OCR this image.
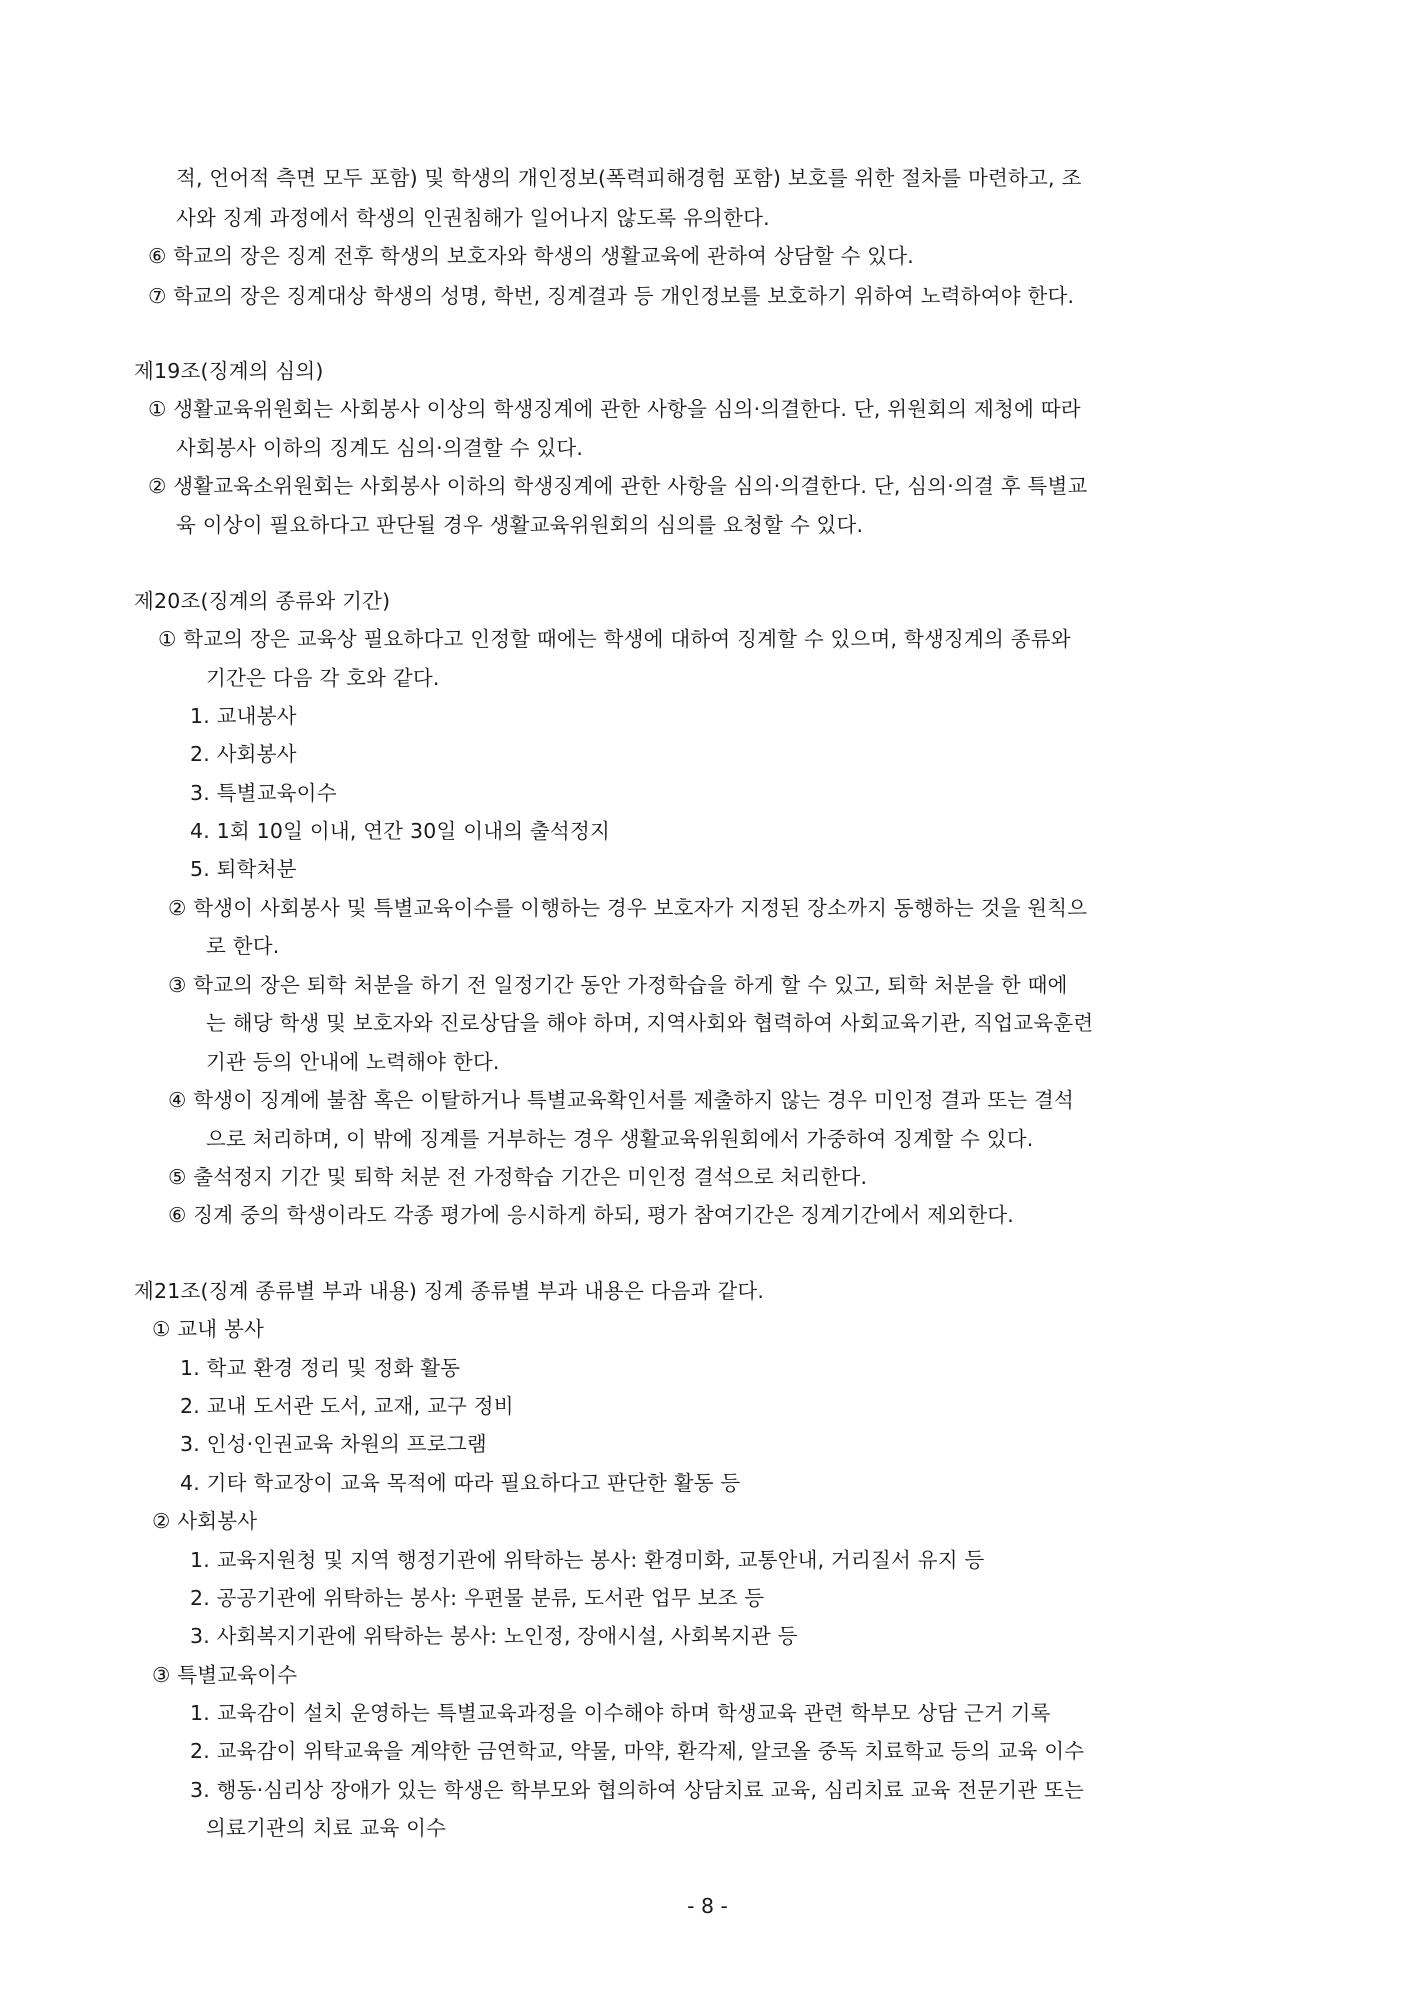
적, 언어적 측면 모두 포함) 및 학생의 개인정보(폭력피해경험 포함) 보호를 위한 절차를 마련하고, 조
사와 징계 과정에서 학생의 인권침해가 일어나지 않도록 유의한다.
⑥ 학교의 장은 징계 전후 학생의 보호자와 학생의 생활교육에 관하여 상담할 수 있다.
⑦ 학교의 장은 징계대상 학생의 성명, 학번, 징계결과 등 개인정보를 보호하기 위하여 노력하여야 한다.
제19조(징계의 심의)
① 생활교육위원회는 사회봉사 이상의 학생징계에 관한 사항을 심의·의결한다. 단, 위원회의 제청에 따라
사회봉사 이하의 징계도 심의·의결할 수 있다.
② 생활교육소위원회는 사회봉사 이하의 학생징계에 관한 사항을 심의·의결한다. 단, 심의·의결 후 특별교
육 이상이 필요하다고 판단될 경우 생활교육위원회의 심의를 요청할 수 있다.
제20조(징계의 종류와 기간)
① 학교의 장은 교육상 필요하다고 인정할 때에는 학생에 대하여 징계할 수 있으며, 학생징계의 종류와
기간은 다음 각 호와 같다.
1. 교내봉사
2. 사회봉사
3. 특별교육이수
4. 1회 10일 이내, 연간 30일 이내의 출석정지
5. 퇴학처분
② 학생이 사회봉사 및 특별교육이수를 이행하는 경우 보호자가 지정된 장소까지 동행하는 것을 원칙으
로 한다.
③ 학교의 장은 퇴학 처분을 하기 전 일정기간 동안 가정학습을 하게 할 수 있고, 퇴학 처분을 한 때에
는 해당 학생 및 보호자와 진로상담을 해야 하며, 지역사회와 협력하여 사회교육기관, 직업교육훈련
기관 등의 안내에 노력해야 한다.
④ 학생이 징계에 불참 혹은 이탈하거나 특별교육확인서를 제출하지 않는 경우 미인정 결과 또는 결석
으로 처리하며, 이 밖에 징계를 거부하는 경우 생활교육위원회에서 가중하여 징계할 수 있다.
⑤ 출석정지 기간 및 퇴학 처분 전 가정학습 기간은 미인정 결석으로 처리한다.
⑥ 징계 중의 학생이라도 각종 평가에 응시하게 하되, 평가 참여기간은 징계기간에서 제외한다.
제21조(징계 종류별 부과 내용) 징계 종류별 부과 내용은 다음과 같다.
① 교내 봉사
1. 학교 환경 정리 및 정화 활동
2. 교내 도서관 도서, 교재, 교구 정비
3. 인성·인권교육 차원의 프로그램
4. 기타 학교장이 교육 목적에 따라 필요하다고 판단한 활동 등
② 사회봉사
1. 교육지원청 및 지역 행정기관에 위탁하는 봉사: 환경미화, 교통안내, 거리질서 유지 등
2. 공공기관에 위탁하는 봉사: 우편물 분류, 도서관 업무 보조 등
3. 사회복지기관에 위탁하는 봉사: 노인정, 장애시설, 사회복지관 등
③ 특별교육이수
1. 교육감이 설치 운영하는 특별교육과정을 이수해야 하며 학생교육 관련 학부모 상담 근거 기록
2. 교육감이 위탁교육을 계약한 금연학교, 약물, 마약, 환각제, 알코올 중독 치료학교 등의 교육 이수
3. 행동·심리상 장애가 있는 학생은 학부모와 협의하여 상담치료 교육, 심리치료 교육 전문기관 또는
의료기관의 치료 교육 이수
- 8 -
